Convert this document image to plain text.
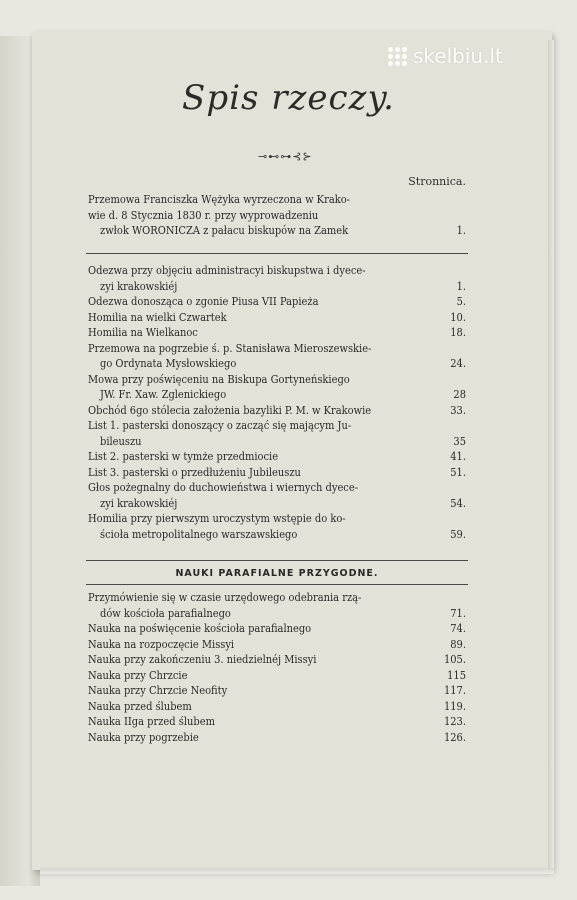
skelbiu.lt
Spis rzeczy.
⊸⊷⊶⊰⊱
Stronnica.
NAUKI PARAFIALNE PRZYGODNE.
Przemowa Franciszka Wężyka wyrzeczona w Krako-
wie d. 8 Stycznia 1830 r. przy wyprowadzeniu
zwłok WORONICZA z pałacu biskupów na Zamek	1.
Odezwa przy objęciu administracyi biskupstwa i dyece-
zyi krakowskiéj	1.
Odezwa donosząca o zgonie Piusa VII Papieża	5.
Homilia na wielki Czwartek	10.
Homilia na Wielkanoc	18.
Przemowa na pogrzebie ś. p. Stanisława Mieroszewskie-
go Ordynata Mysłowskiego	24.
Mowa przy poświęceniu na Biskupa Gortyneńskiego
JW. Fr. Xaw. Zglenickiego	28
Obchód 6go stólecia założenia bazyliki P. M. w Krakowie	33.
List 1. pasterski donoszący o zacząć się mającym Ju-
bileuszu	35
List 2. pasterski w tymże przedmiocie	41.
List 3. pasterski o przedłużeniu Jubileuszu	51.
Głos pożegnalny do duchowieństwa i wiernych dyece-
zyi krakowskiéj	54.
Homilia przy pierwszym uroczystym wstępie do ko-
ścioła metropolitalnego warszawskiego	59.
Przymówienie się w czasie urzędowego odebrania rzą-
dów kościoła parafialnego	71.
Nauka na poświęcenie kościoła parafialnego	74.
Nauka na rozpoczęcie Missyi	89.
Nauka przy zakończeniu 3. niedzielnéj Missyi	105.
Nauka przy Chrzcie	115
Nauka przy Chrzcie Neofity	117.
Nauka przed ślubem	119.
Nauka IIga przed ślubem	123.
Nauka przy pogrzebie	126.
